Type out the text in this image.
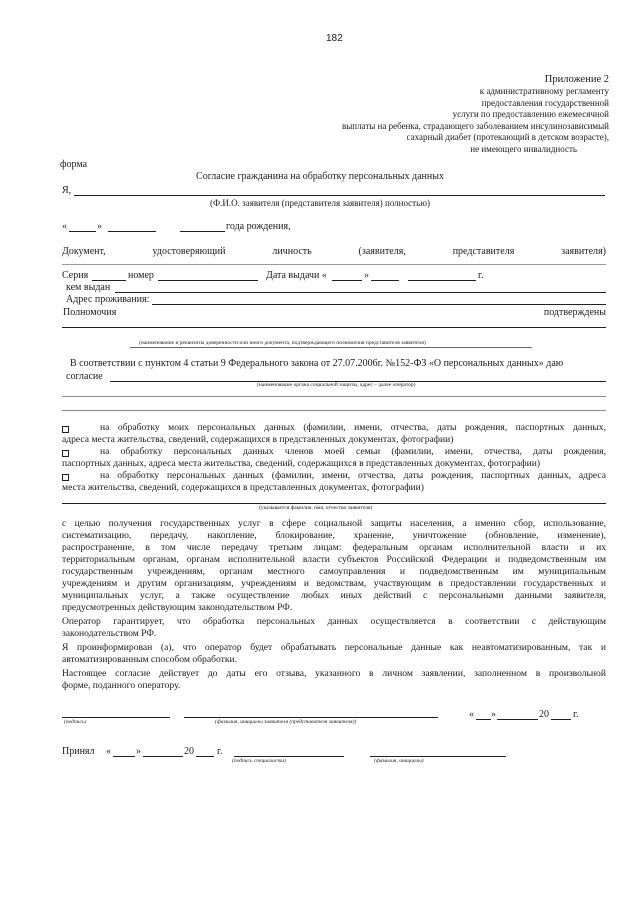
182
Приложение 2
к административному регламенту
предоставления государственной
услуги по предоставлению ежемесячной
выплаты на ребенка, страдающего заболеванием инсулинозависимый
сахарный диабет (протекающий в детском возрасте),
не имеющего инвалидность
форма
Согласие гражданина на обработку персональных данных
Я,
(Ф.И.О. заявителя (представителя заявителя) полностью)
«	»	года рождения,
Документ,	удостоверяющий	личность	(заявителя,	представителя	заявителя)
Серия	номер	Дата выдачи «	»	г.
кем выдан
Адрес проживания:
Полномочия	подтверждены
(наименование и реквизиты доверенности или иного документа, подтверждающего полномочия представителя заявителя)
В соответствии с пунктом 4 статьи 9 Федерального закона от 27.07.2006г. №152-ФЗ «О персональных данных» даю
согласие
(наименование органа социальной защиты, адрес – далее оператор)
на обработку моих персональных данных (фамилии, имени, отчества, даты рождения, паспортных данных,
адреса места жительства, сведений, содержащихся в представленных документах, фотографии)
на обработку персональных данных членов моей семьи (фамилии, имени, отчества, даты рождения,
паспортных данных, адреса места жительства, сведений, содержащихся в представленных документах, фотографии)
на обработку персональных данных (фамилии, имени, отчества, даты рождения, паспортных данных, адреса
места жительства, сведений, содержащихся в представленных документах, фотографии)
(указывается фамилия, имя, отчество заявителя)
с целью получения государственных услуг в сфере социальной защиты населения, а именно сбор, использование,
систематизацию, передачу, накопление, блокирование, хранение, уничтожение (обновление, изменение),
распространение, в том числе передачу третьим лицам: федеральным органам исполнительной власти и их
территориальным органам, органам исполнительной власти субъектов Российской Федерации и подведомственным им
государственным учреждениям, органам местного самоуправления и подведомственным им муниципальным
учреждениям и другим организациям, учреждениям и ведомствам, участвующим в предоставлении государственных и
муниципальных услуг, а также осуществление любых иных действий с персональными данными заявителя,
предусмотренных действующим законодательством РФ.
Оператор гарантирует, что обработка персональных данных осуществляется в соответствии с действующим
законодательством РФ.
Я проинформирован (а), что оператор будет обрабатывать персональные данные как неавтоматизированным, так и
автоматизированным способом обработки.
Настоящее согласие действует до даты его отзыва, указанного в личном заявлении, заполненном в произвольной
форме, поданного оператору.
(подпись)	(фамилия, инициалы заявителя (представителя заявителя))
« »	20 г.
Принял «	»	20 г.
(подпись специалиста)	(фамилия, инициалы)
